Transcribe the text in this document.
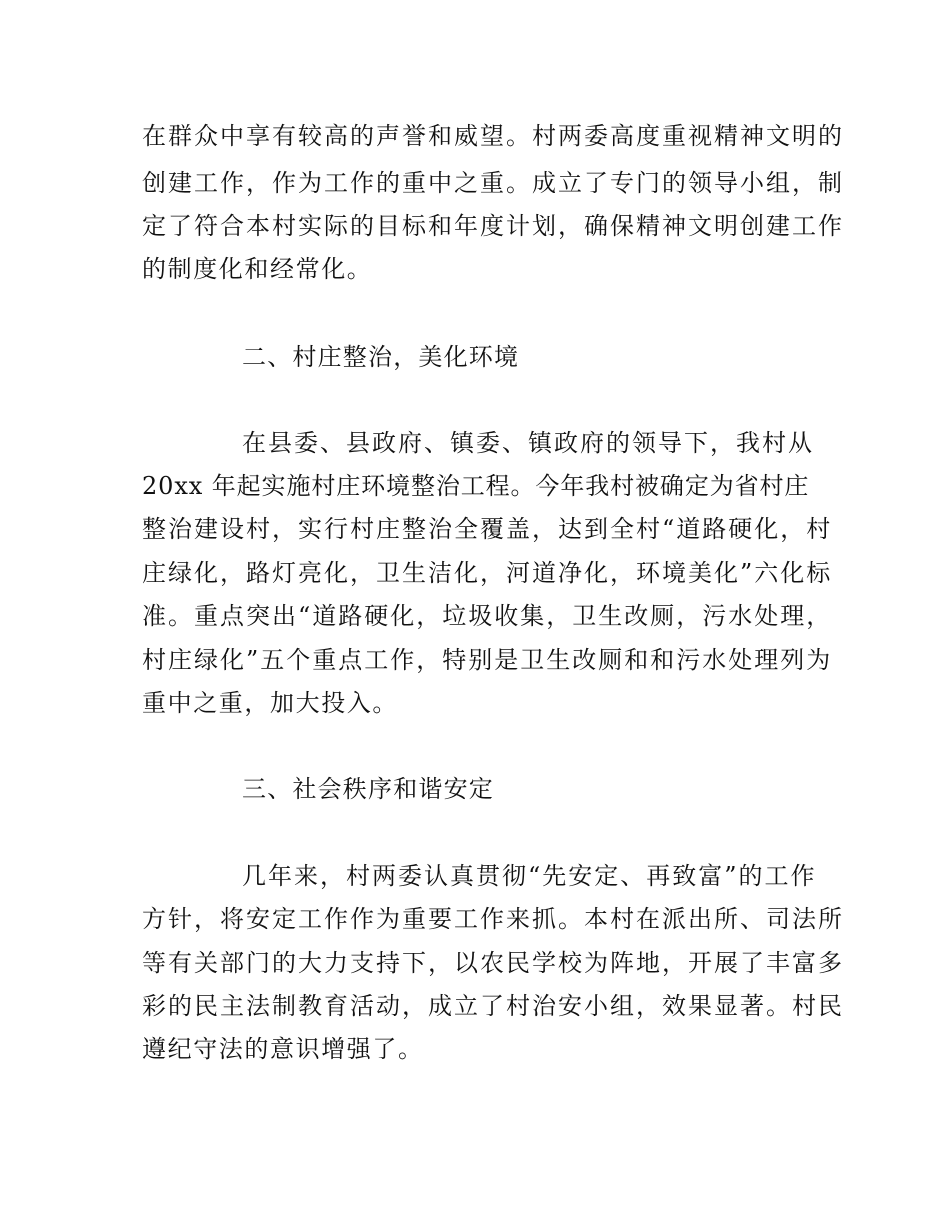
在群众中享有较高的声誉和威望。村两委高度重视精神文明的

创建工作，作为工作的重中之重。成立了专门的领导小组，制

定了符合本村实际的目标和年度计划，确保精神文明创建工作

的制度化和经常化。

二、村庄整治，美化环境

在县委、县政府、镇委、镇政府的领导下，我村从

20xx 年起实施村庄环境整治工程。今年我村被确定为省村庄

整治建设村，实行村庄整治全覆盖，达到全村“道路硬化，村

庄绿化，路灯亮化，卫生洁化，河道净化，环境美化”六化标

准。重点突出“道路硬化，垃圾收集，卫生改厕，污水处理，

村庄绿化”五个重点工作，特别是卫生改厕和和污水处理列为

重中之重，加大投入。

三、社会秩序和谐安定

几年来，村两委认真贯彻“先安定、再致富”的工作

方针，将安定工作作为重要工作来抓。本村在派出所、司法所

等有关部门的大力支持下，以农民学校为阵地，开展了丰富多

彩的民主法制教育活动，成立了村治安小组，效果显著。村民

遵纪守法的意识增强了。
